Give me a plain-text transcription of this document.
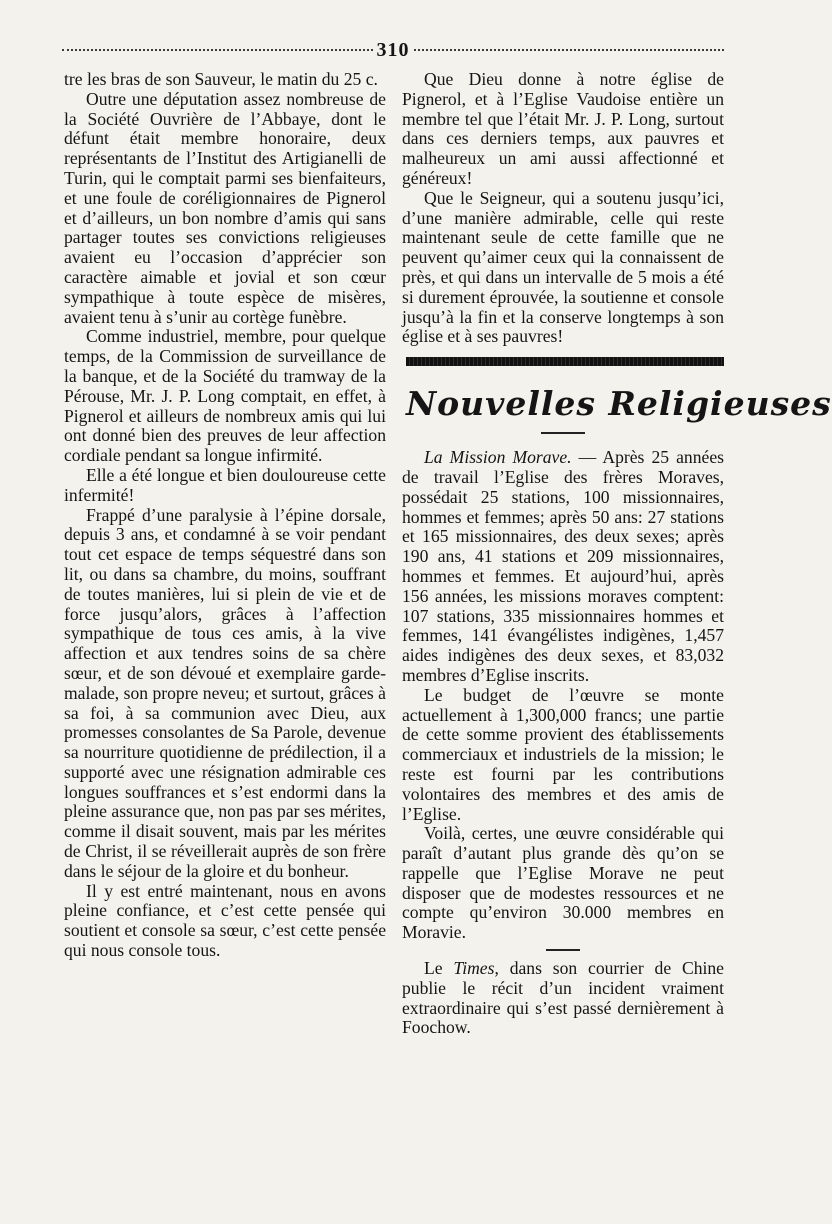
310

tre les bras de son Sauveur, le matin du 25 c.

Outre une députation assez nombreuse de la Société Ouvrière de l’Abbaye, dont le défunt était membre honoraire, deux représentants de l’Institut des Artigianelli de Turin, qui le comptait parmi ses bienfaiteurs, et une foule de coréligionnaires de Pignerol et d’ailleurs, un bon nombre d’amis qui sans partager toutes ses convictions religieuses avaient eu l’occasion d’apprécier son caractère aimable et jovial et son cœur sympathique à toute espèce de misères, avaient tenu à s’unir au cortège funèbre.

Comme industriel, membre, pour quelque temps, de la Commission de surveillance de la banque, et de la Société du tramway de la Pérouse, Mr. J. P. Long comptait, en effet, à Pignerol et ailleurs de nombreux amis qui lui ont donné bien des preuves de leur affection cordiale pendant sa longue infirmité.

Elle a été longue et bien douloureuse cette infermité!

Frappé d’une paralysie à l’épine dorsale, depuis 3 ans, et condamné à se voir pendant tout cet espace de temps séquestré dans son lit, ou dans sa chambre, du moins, souffrant de toutes manières, lui si plein de vie et de force jusqu’alors, grâces à l’affection sympathique de tous ces amis, à la vive affection et aux tendres soins de sa chère sœur, et de son dévoué et exemplaire garde-malade, son propre neveu; et surtout, grâces à sa foi, à sa communion avec Dieu, aux promesses consolantes de Sa Parole, devenue sa nourriture quotidienne de prédilection, il a supporté avec une résignation admirable ces longues souffrances et s’est endormi dans la pleine assurance que, non pas par ses mérites, comme il disait souvent, mais par les mérites de Christ, il se réveillerait auprès de son frère dans le séjour de la gloire et du bonheur.

Il y est entré maintenant, nous en avons pleine confiance, et c’est cette pensée qui soutient et console sa sœur, c’est cette pensée qui nous console tous.

Que Dieu donne à notre église de Pignerol, et à l’Eglise Vaudoise entière un membre tel que l’était Mr. J. P. Long, surtout dans ces derniers temps, aux pauvres et malheureux un ami aussi affectionné et généreux!

Que le Seigneur, qui a soutenu jusqu’ici, d’une manière admirable, celle qui reste maintenant seule de cette famille que ne peuvent qu’aimer ceux qui la connaissent de près, et qui dans un intervalle de 5 mois a été si durement éprouvée, la soutienne et console jusqu’à la fin et la conserve longtemps à son église et à ses pauvres!

Nouvelles Religieuses

La Mission Morave. — Après 25 années de travail l’Eglise des frères Moraves, possédait 25 stations, 100 missionnaires, hommes et femmes; après 50 ans: 27 stations et 165 missionnaires, des deux sexes; après 190 ans, 41 stations et 209 missionnaires, hommes et femmes. Et aujourd’hui, après 156 années, les missions moraves comptent: 107 stations, 335 missionnaires hommes et femmes, 141 évangélistes indigènes, 1,457 aides indigènes des deux sexes, et 83,032 membres d’Eglise inscrits.

Le budget de l’œuvre se monte actuellement à 1,300,000 francs; une partie de cette somme provient des établissements commerciaux et industriels de la mission; le reste est fourni par les contributions volontaires des membres et des amis de l’Eglise.

Voilà, certes, une œuvre considérable qui paraît d’autant plus grande dès qu’on se rappelle que l’Eglise Morave ne peut disposer que de modestes ressources et ne compte qu’environ 30.000 membres en Moravie.

Le Times, dans son courrier de Chine publie le récit d’un incident vraiment extraordinaire qui s’est passé dernièrement à Foochow.
